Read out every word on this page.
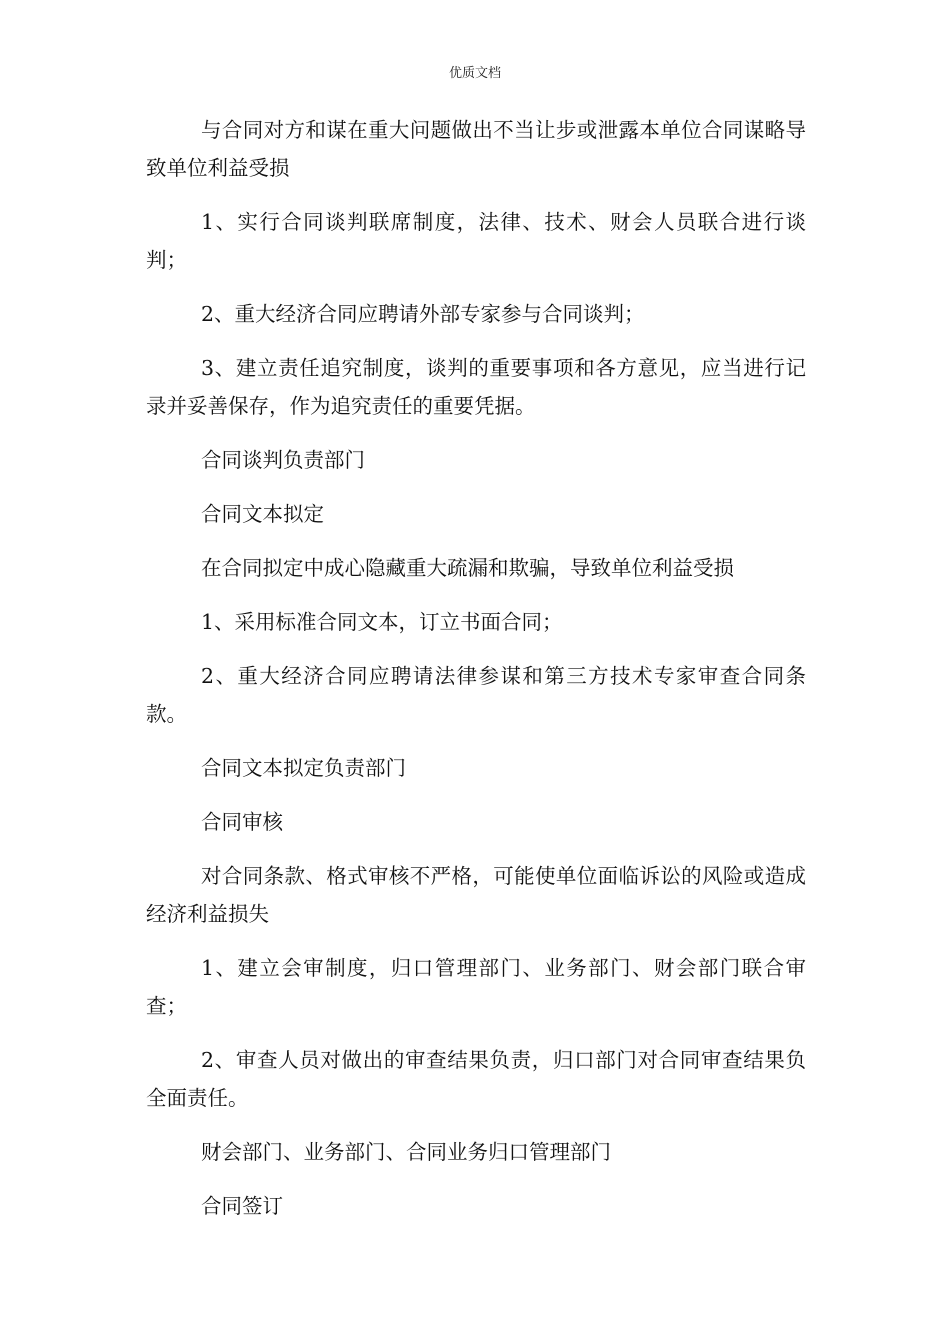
优质文档

与合同对方和谋在重大问题做出不当让步或泄露本单位合同谋略导致单位利益受损

1、实行合同谈判联席制度，法律、技术、财会人员联合进行谈判；

2、重大经济合同应聘请外部专家参与合同谈判；

3、建立责任追究制度，谈判的重要事项和各方意见，应当进行记录并妥善保存，作为追究责任的重要凭据。

合同谈判负责部门

合同文本拟定

在合同拟定中成心隐藏重大疏漏和欺骗，导致单位利益受损

1、采用标准合同文本，订立书面合同；

2、重大经济合同应聘请法律参谋和第三方技术专家审查合同条款。

合同文本拟定负责部门

合同审核

对合同条款、格式审核不严格，可能使单位面临诉讼的风险或造成经济利益损失

1、建立会审制度，归口管理部门、业务部门、财会部门联合审查；

2、审查人员对做出的审查结果负责，归口部门对合同审查结果负全面责任。

财会部门、业务部门、合同业务归口管理部门

合同签订
